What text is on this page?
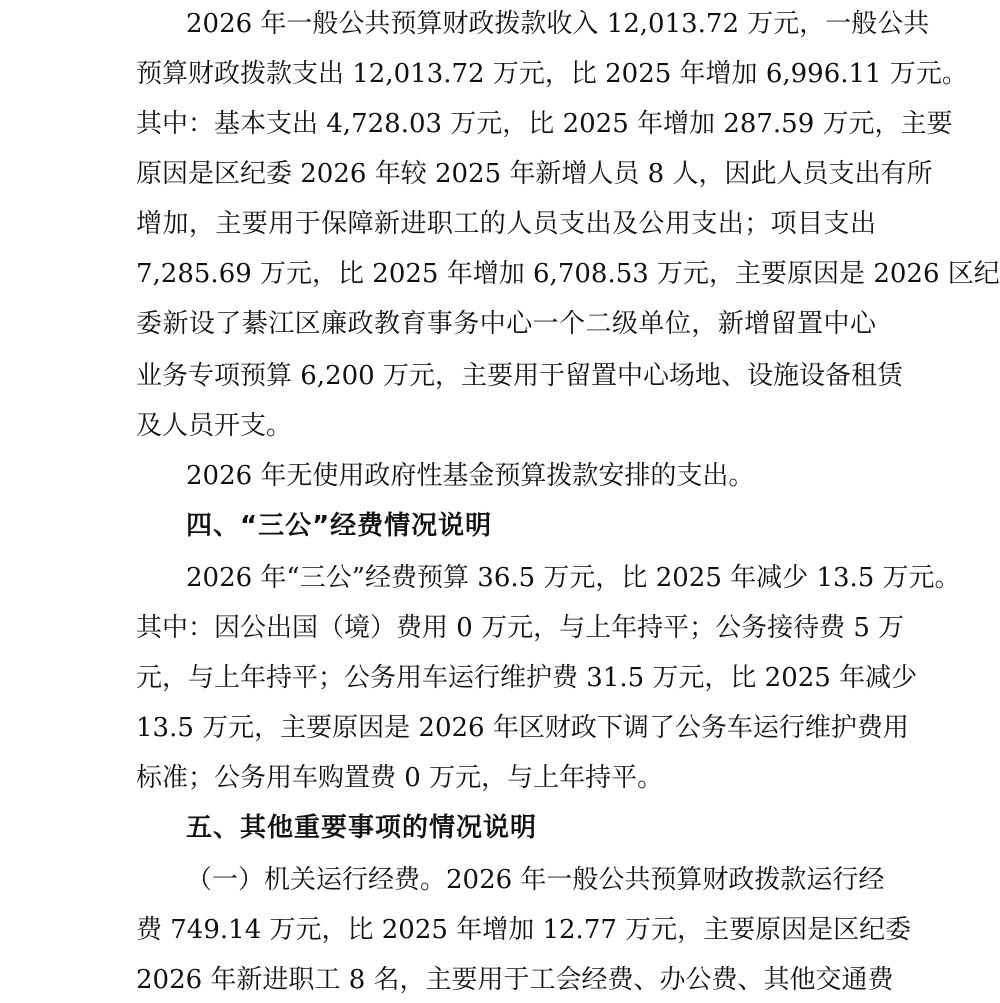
2026 年一般公共预算财政拨款收入 12,013.72 万元，一般公共
预算财政拨款支出 12,013.72 万元，比 2025 年增加 6,996.11 万元。
其中：基本支出 4,728.03 万元，比 2025 年增加 287.59 万元，主要
原因是区纪委 2026 年较 2025 年新增人员 8 人，因此人员支出有所
增加，主要用于保障新进职工的人员支出及公用支出；项目支出
7,285.69 万元，比 2025 年增加 6,708.53 万元，主要原因是 2026 区纪
委新设了綦江区廉政教育事务中心一个二级单位，新增留置中心
业务专项预算 6,200 万元，主要用于留置中心场地、设施设备租赁
及人员开支。
2026 年无使用政府性基金预算拨款安排的支出。
四、“三公”经费情况说明
2026 年“三公”经费预算 36.5 万元，比 2025 年减少 13.5 万元。
其中：因公出国（境）费用 0 万元，与上年持平；公务接待费 5 万
元，与上年持平；公务用车运行维护费 31.5 万元，比 2025 年减少
13.5 万元，主要原因是 2026 年区财政下调了公务车运行维护费用
标准；公务用车购置费 0 万元，与上年持平。
五、其他重要事项的情况说明
（一）机关运行经费。2026 年一般公共预算财政拨款运行经
费 749.14 万元，比 2025 年增加 12.77 万元，主要原因是区纪委
2026 年新进职工 8 名，主要用于工会经费、办公费、其他交通费
